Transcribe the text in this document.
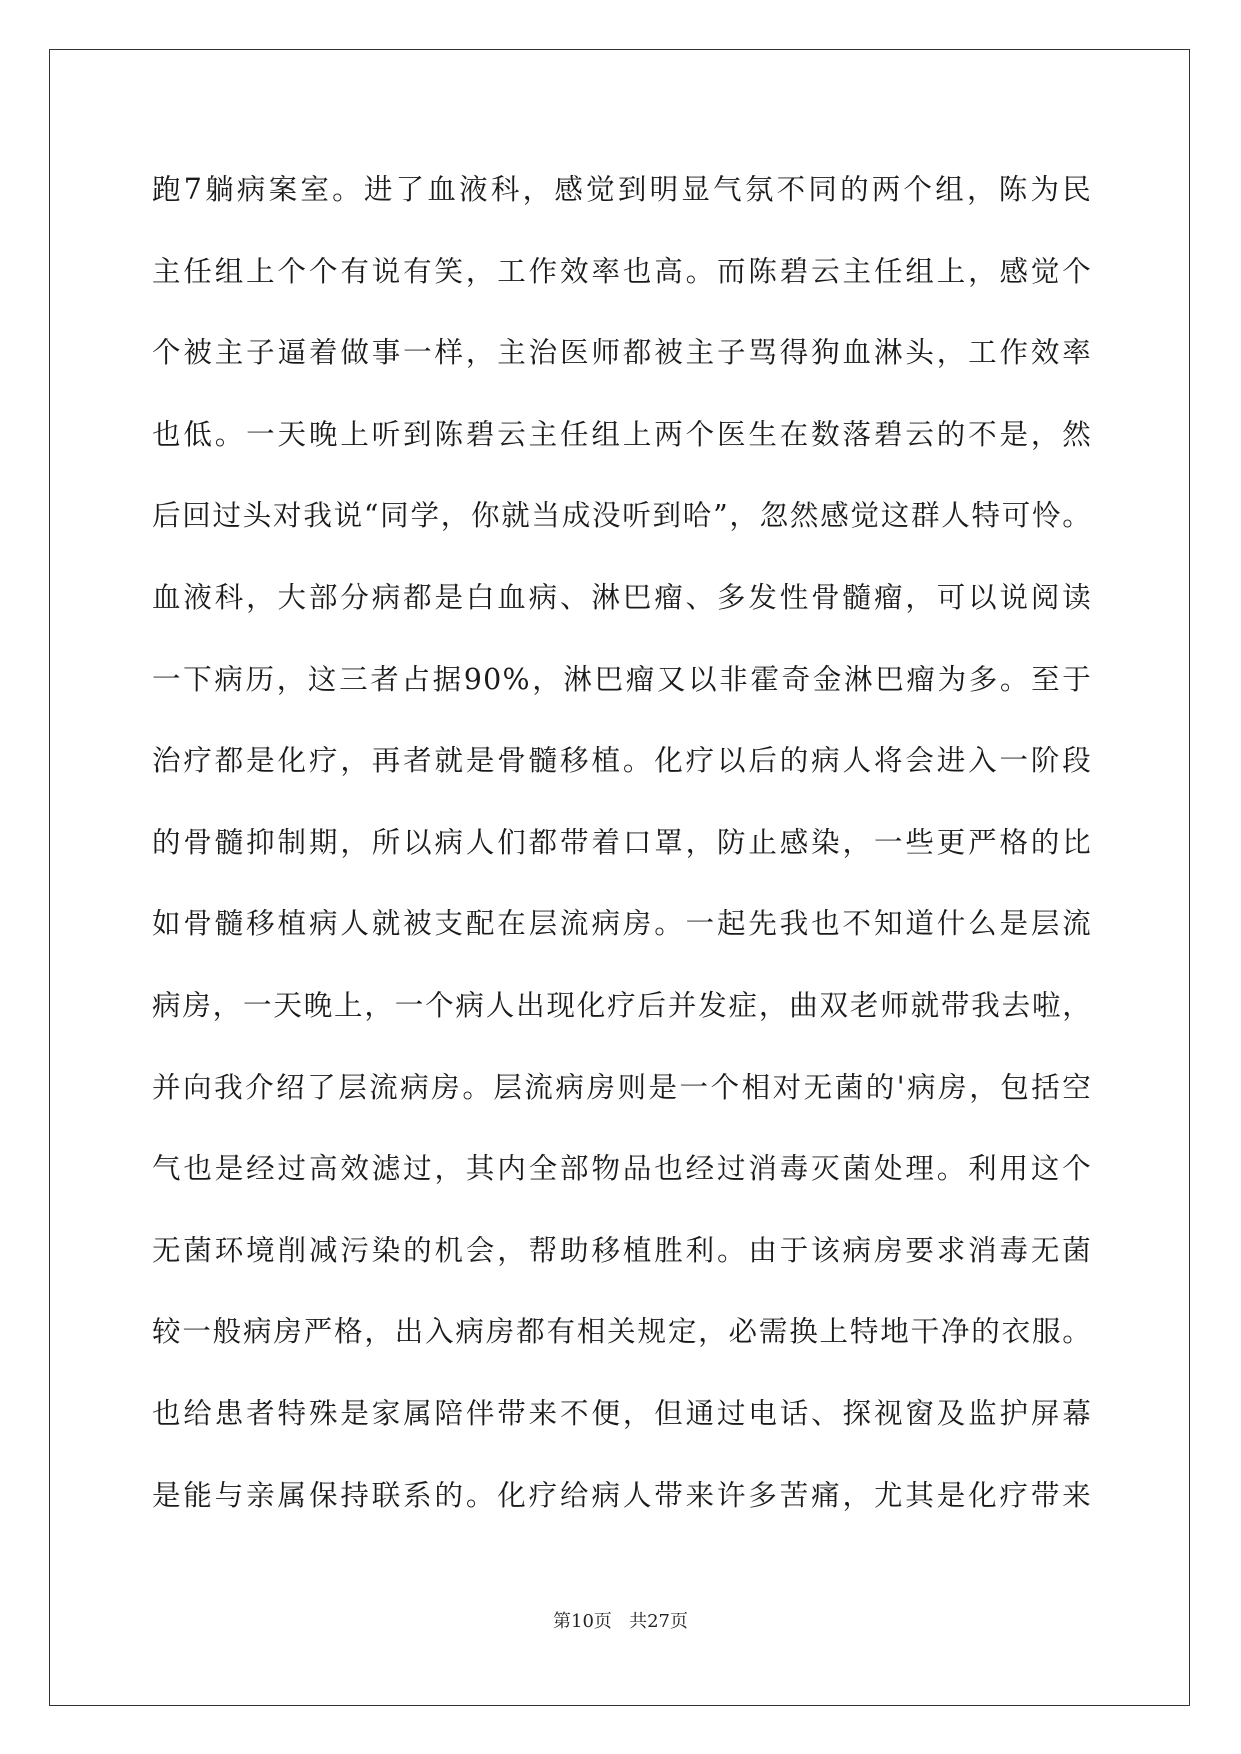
跑7躺病案室。进了血液科，感觉到明显气氛不同的两个组，陈为民
主任组上个个有说有笑，工作效率也高。而陈碧云主任组上，感觉个
个被主子逼着做事一样，主治医师都被主子骂得狗血淋头，工作效率
也低。一天晚上听到陈碧云主任组上两个医生在数落碧云的不是，然
后回过头对我说“同学，你就当成没听到哈”，忽然感觉这群人特可怜。
血液科，大部分病都是白血病、淋巴瘤、多发性骨髓瘤，可以说阅读
一下病历，这三者占据90%，淋巴瘤又以非霍奇金淋巴瘤为多。至于
治疗都是化疗，再者就是骨髓移植。化疗以后的病人将会进入一阶段
的骨髓抑制期，所以病人们都带着口罩，防止感染，一些更严格的比
如骨髓移植病人就被支配在层流病房。一起先我也不知道什么是层流
病房，一天晚上，一个病人出现化疗后并发症，曲双老师就带我去啦，
并向我介绍了层流病房。层流病房则是一个相对无菌的'病房，包括空
气也是经过高效滤过，其内全部物品也经过消毒灭菌处理。利用这个
无菌环境削减污染的机会，帮助移植胜利。由于该病房要求消毒无菌
较一般病房严格，出入病房都有相关规定，必需换上特地干净的衣服。
也给患者特殊是家属陪伴带来不便，但通过电话、探视窗及监护屏幕
是能与亲属保持联系的。化疗给病人带来许多苦痛，尤其是化疗带来
第10页 共27页
